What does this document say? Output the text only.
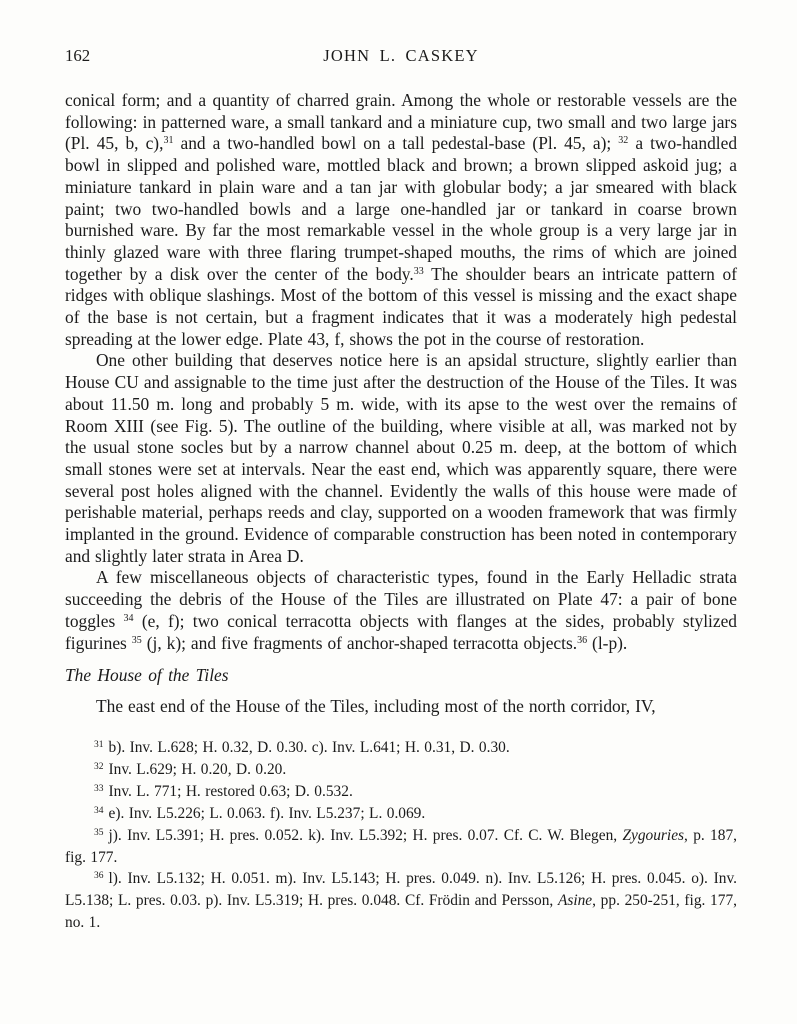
162	JOHN L. CASKEY

conical form; and a quantity of charred grain. Among the whole or restorable vessels are the following: in patterned ware, a small tankard and a miniature cup, two small and two large jars (Pl. 45, b, c),$^{31}$ and a two-handled bowl on a tall pedestal-base (Pl. 45, a); $^{32}$ a two-handled bowl in slipped and polished ware, mottled black and brown; a brown slipped askoid jug; a miniature tankard in plain ware and a tan jar with globular body; a jar smeared with black paint; two two-handled bowls and a large one-handled jar or tankard in coarse brown burnished ware. By far the most remarkable vessel in the whole group is a very large jar in thinly glazed ware with three flaring trumpet-shaped mouths, the rims of which are joined together by a disk over the center of the body.$^{33}$ The shoulder bears an intricate pattern of ridges with oblique slashings. Most of the bottom of this vessel is missing and the exact shape of the base is not certain, but a fragment indicates that it was a moderately high pedestal spreading at the lower edge. Plate 43, f, shows the pot in the course of restoration.

One other building that deserves notice here is an apsidal structure, slightly earlier than House CU and assignable to the time just after the destruction of the House of the Tiles. It was about 11.50 m. long and probably 5 m. wide, with its apse to the west over the remains of Room XIII (see Fig. 5). The outline of the building, where visible at all, was marked not by the usual stone socles but by a narrow channel about 0.25 m. deep, at the bottom of which small stones were set at intervals. Near the east end, which was apparently square, there were several post holes aligned with the channel. Evidently the walls of this house were made of perishable material, perhaps reeds and clay, supported on a wooden framework that was firmly implanted in the ground. Evidence of comparable construction has been noted in contemporary and slightly later strata in Area D.

A few miscellaneous objects of characteristic types, found in the Early Helladic strata succeeding the debris of the House of the Tiles are illustrated on Plate 47: a pair of bone toggles $^{34}$ (e, f); two conical terracotta objects with flanges at the sides, probably stylized figurines $^{35}$ (j, k); and five fragments of anchor-shaped terracotta objects.$^{36}$ (l-p).

The House of the Tiles

The east end of the House of the Tiles, including most of the north corridor, IV,

$^{31}$ b). Inv. L.628; H. 0.32, D. 0.30. c). Inv. L.641; H. 0.31, D. 0.30.

$^{32}$ Inv. L.629; H. 0.20, D. 0.20.

$^{33}$ Inv. L. 771; H. restored 0.63; D. 0.532.

$^{34}$ e). Inv. L5.226; L. 0.063. f). Inv. L5.237; L. 0.069.

$^{35}$ j). Inv. L5.391; H. pres. 0.052. k). Inv. L5.392; H. pres. 0.07. Cf. C. W. Blegen, Zygouries, p. 187, fig. 177.

$^{36}$ l). Inv. L5.132; H. 0.051. m). Inv. L5.143; H. pres. 0.049. n). Inv. L5.126; H. pres. 0.045. o). Inv. L5.138; L. pres. 0.03. p). Inv. L5.319; H. pres. 0.048. Cf. Frödin and Persson, Asine, pp. 250-251, fig. 177, no. 1.
